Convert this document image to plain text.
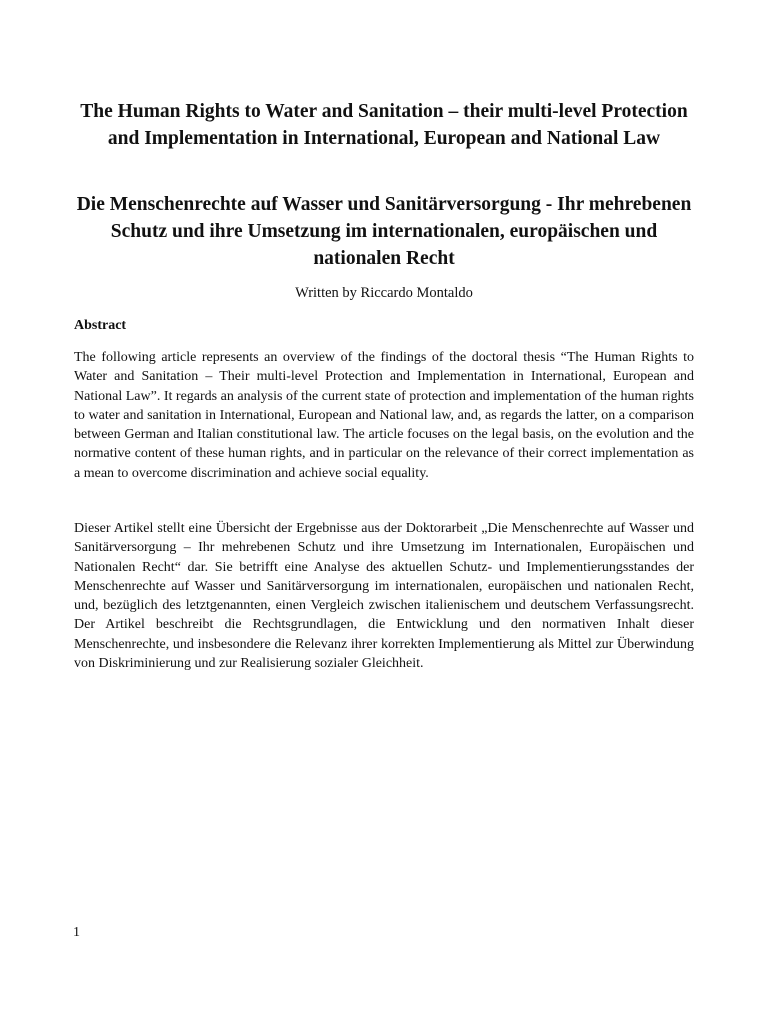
The Human Rights to Water and Sanitation – their multi-level Protection and Implementation in International, European and National Law
Die Menschenrechte auf Wasser und Sanitärversorgung - Ihr mehrebenen Schutz und ihre Umsetzung im internationalen, europäischen und nationalen Recht
Written by Riccardo Montaldo
Abstract
The following article represents an overview of the findings of the doctoral thesis “The Human Rights to Water and Sanitation – Their multi-level Protection and Implementation in International, European and National Law”. It regards an analysis of the current state of protection and implementation of the human rights to water and sanitation in International, European and National law, and, as regards the latter, on a comparison between German and Italian constitutional law. The article focuses on the legal basis, on the evolution and the normative content of these human rights, and in particular on the relevance of their correct implementation as a mean to overcome discrimination and achieve social equality.
Dieser Artikel stellt eine Übersicht der Ergebnisse aus der Doktorarbeit „Die Menschenrechte auf Wasser und Sanitärversorgung – Ihr mehrebenen Schutz und ihre Umsetzung im Internationalen, Europäischen und Nationalen Recht“ dar. Sie betrifft eine Analyse des aktuellen Schutz- und Implementierungsstandes der Menschenrechte auf Wasser und Sanitärversorgung im internationalen, europäischen und nationalen Recht, und, bezüglich des letztgenannten, einen Vergleich zwischen italienischem und deutschem Verfassungsrecht. Der Artikel beschreibt die Rechtsgrundlagen, die Entwicklung und den normativen Inhalt dieser Menschenrechte, und insbesondere die Relevanz ihrer korrekten Implementierung als Mittel zur Überwindung von Diskriminierung und zur Realisierung sozialer Gleichheit.
1
